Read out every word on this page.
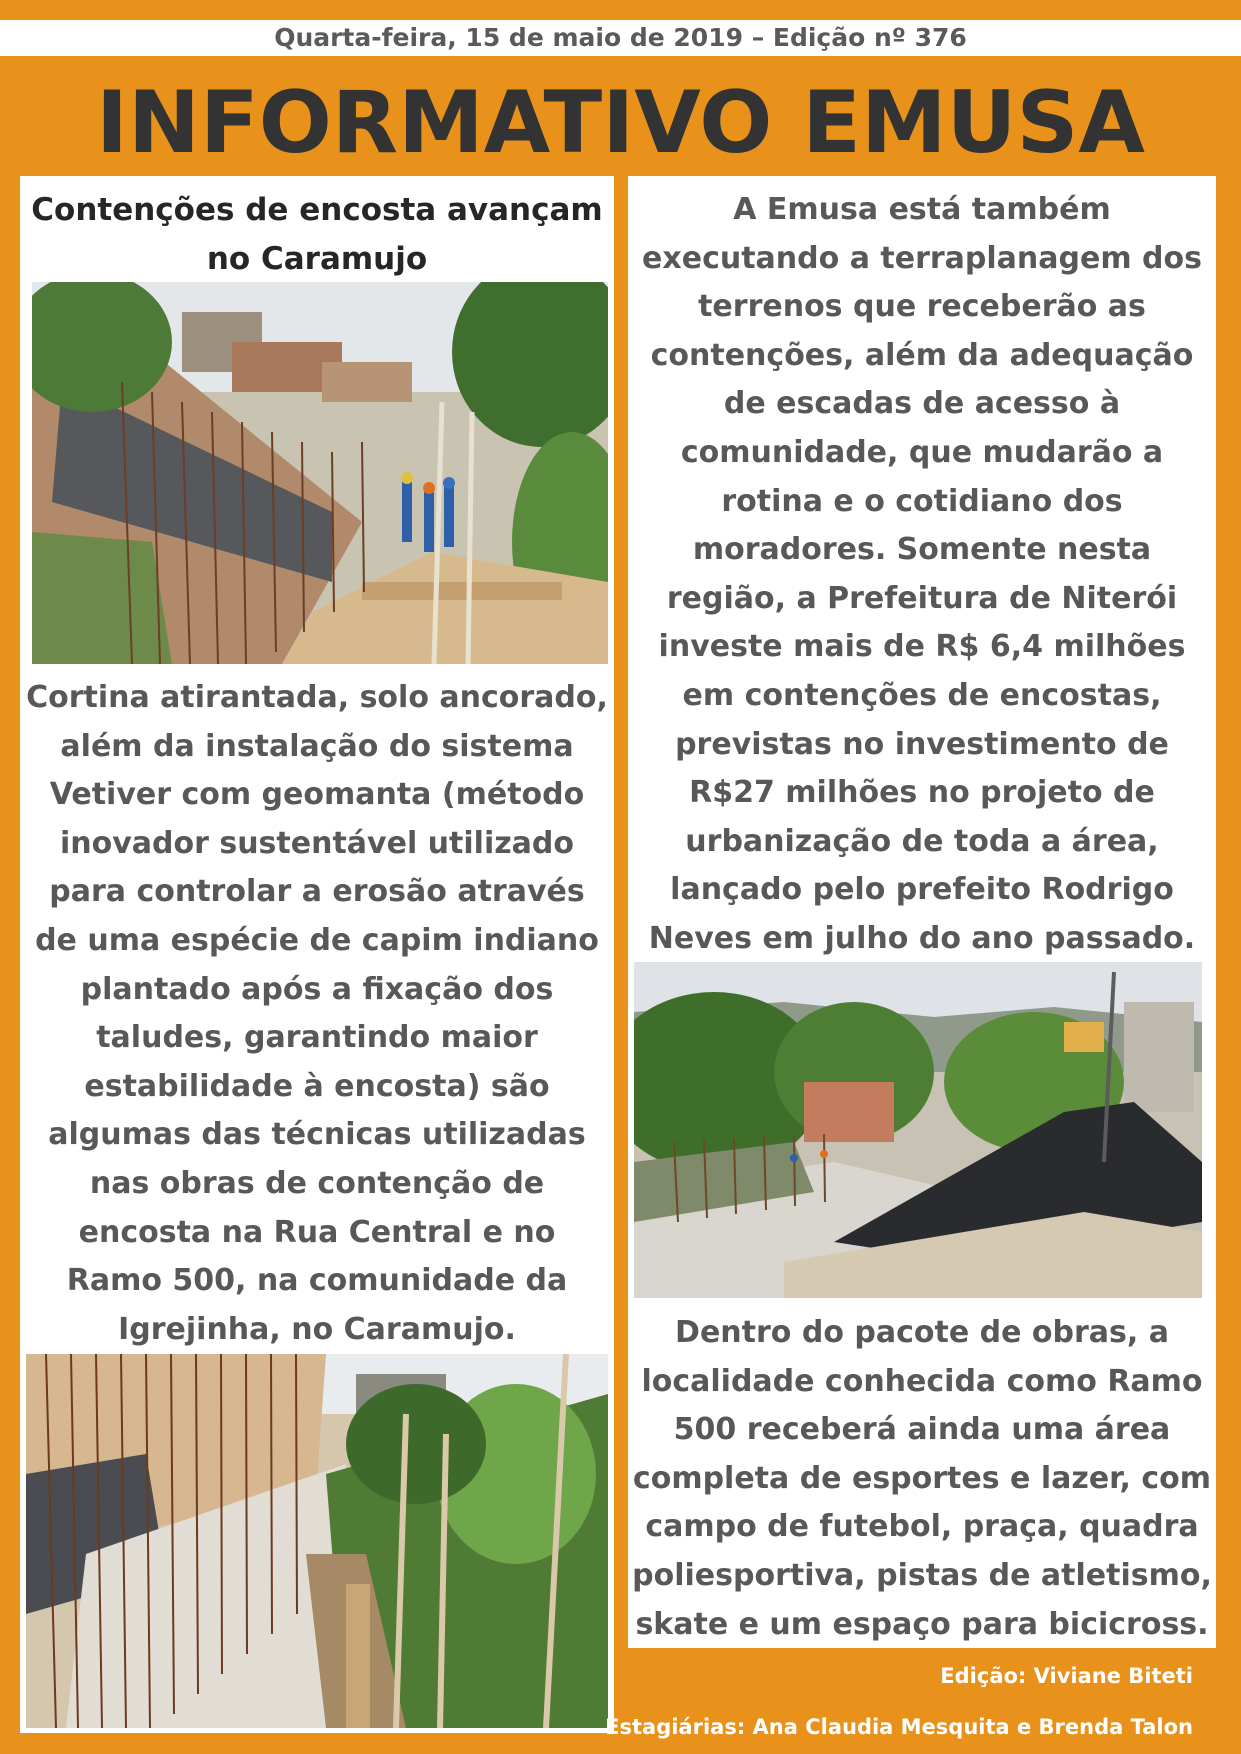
Quarta-feira, 15 de maio de 2019 – Edição nº 376
INFORMATIVO EMUSA
Contenções de encosta avançam no Caramujo
Cortina atirantada, solo ancorado, além da instalação do sistema Vetiver com geomanta (método inovador sustentável utilizado para controlar a erosão através de uma espécie de capim indiano plantado após a fixação dos taludes, garantindo maior estabilidade à encosta) são algumas das técnicas utilizadas nas obras de contenção de encosta na Rua Central e no Ramo 500, na comunidade da Igrejinha, no Caramujo.
A Emusa está também executando a terraplanagem dos terrenos que receberão as contenções, além da adequação de escadas de acesso à comunidade, que mudarão a rotina e o cotidiano dos moradores. Somente nesta região, a Prefeitura de Niterói investe mais de R$ 6,4 milhões em contenções de encostas, previstas no investimento de R$27 milhões no projeto de urbanização de toda a área, lançado pelo prefeito Rodrigo Neves em julho do ano passado.
Dentro do pacote de obras, a localidade conhecida como Ramo 500 receberá ainda uma área completa de esportes e lazer, com campo de futebol, praça, quadra poliesportiva, pistas de atletismo, skate e um espaço para bicicross.
Edição: Viviane Biteti
Estagiárias: Ana Claudia Mesquita e Brenda Talon
